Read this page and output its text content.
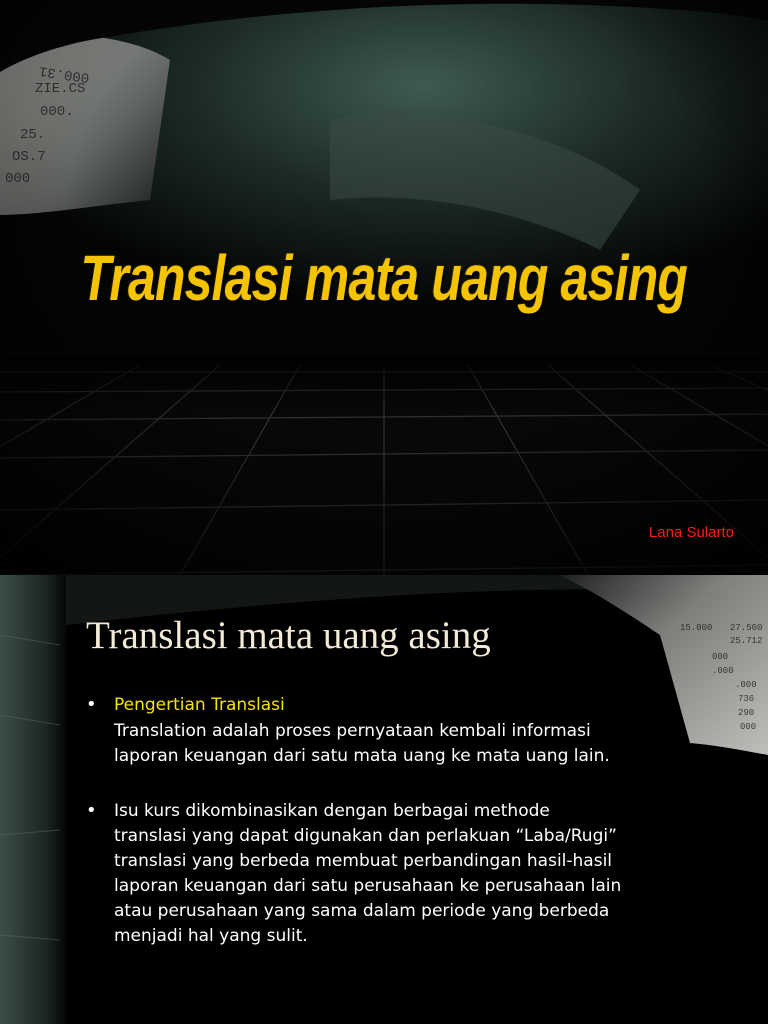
Translasi mata uang asing
Lana Sularto
15.000 27.500
25.712
000
.000
.000
736
290
000
Translasi mata uang asing
• Pengertian Translasi
Translation adalah proses pernyataan kembali informasi
laporan keuangan dari satu mata uang ke mata uang lain.
• Isu kurs dikombinasikan dengan berbagai methode
translasi yang dapat digunakan dan perlakuan “Laba/Rugi”
translasi yang berbeda membuat perbandingan hasil-hasil
laporan keuangan dari satu perusahaan ke perusahaan lain
atau perusahaan yang sama dalam periode yang berbeda
menjadi hal yang sulit.
